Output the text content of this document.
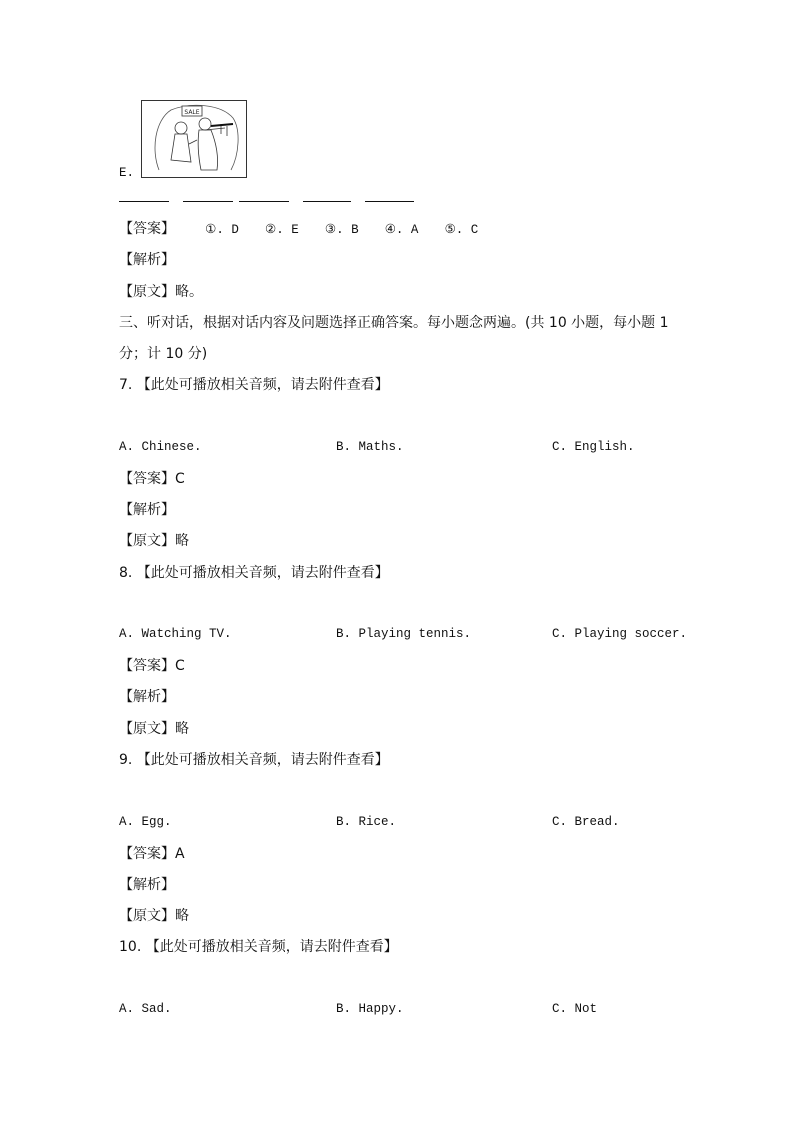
SALE
E.
【答案】 ①. D ②. E ③. B ④. A ⑤. C
【解析】
【原文】略。
三、听对话，根据对话内容及问题选择正确答案。每小题念两遍。(共 10 小题，每小题 1
分；计 10 分)
7. 【此处可播放相关音频，请去附件查看】
A. Chinese.	B. Maths.	C. English.
【答案】C
【解析】
【原文】略
8. 【此处可播放相关音频，请去附件查看】
A. Watching TV.	B. Playing tennis.	C. Playing soccer.
【答案】C
【解析】
【原文】略
9. 【此处可播放相关音频，请去附件查看】
A. Egg.	B. Rice.	C. Bread.
【答案】A
【解析】
【原文】略
10. 【此处可播放相关音频，请去附件查看】
A. Sad.	B. Happy.	C. Not
